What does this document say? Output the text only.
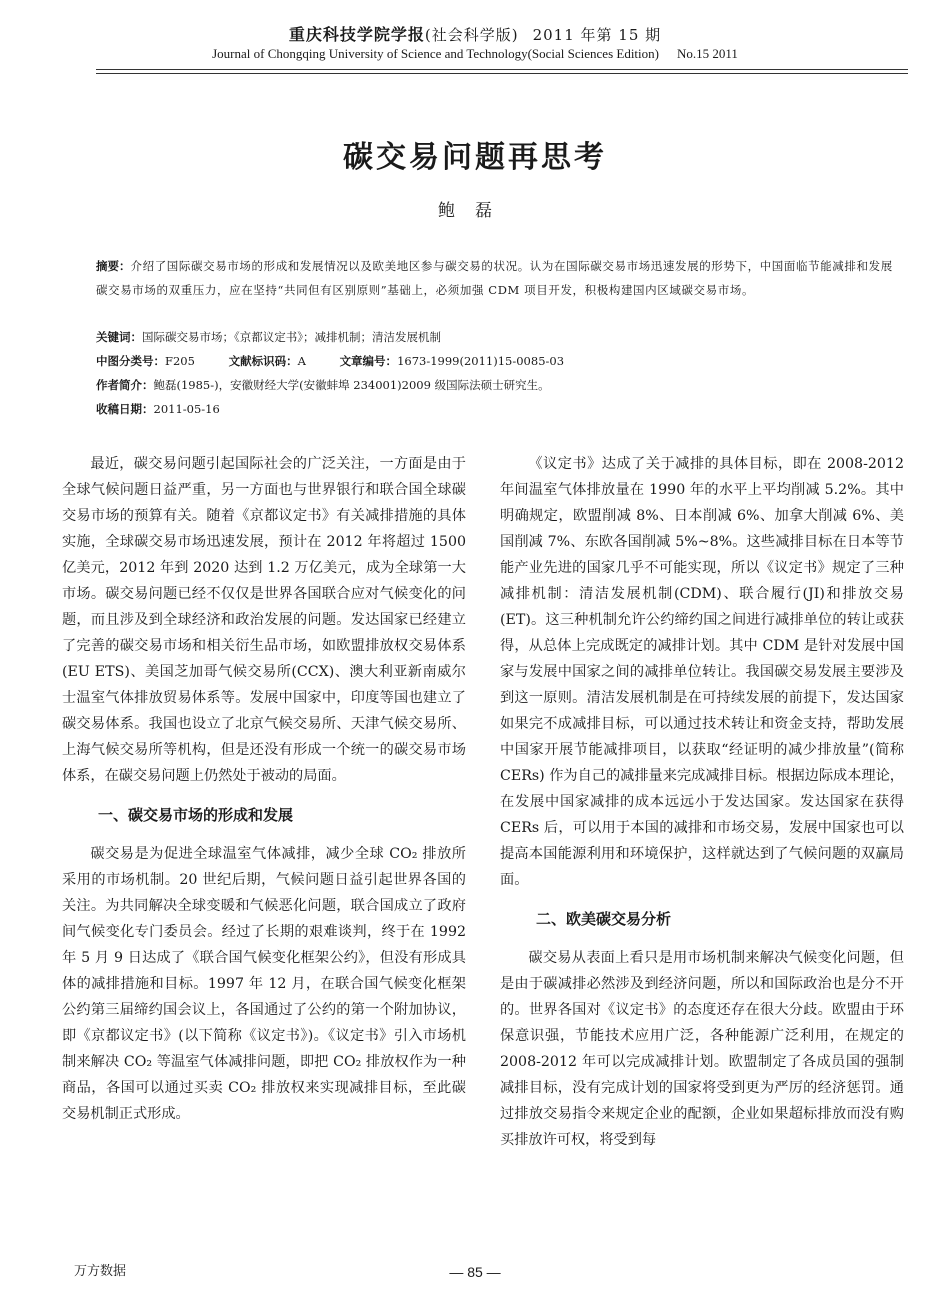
重庆科技学院学报(社会科学版) 2011 年第 15 期
Journal of Chongqing University of Science and Technology(Social Sciences Edition) No.15 2011
碳交易问题再思考
鲍磊
摘要：介绍了国际碳交易市场的形成和发展情况以及欧美地区参与碳交易的状况。认为在国际碳交易市场迅速发展的形势下，中国面临节能减排和发展碳交易市场的双重压力，应在坚持“共同但有区别原则”基础上，必须加强 CDM 项目开发，积极构建国内区域碳交易市场。
关键词：国际碳交易市场；《京都议定书》；减排机制；清洁发展机制
中图分类号：F205	文献标识码：A	文章编号：1673-1999(2011)15-0085-03
作者简介：鲍磊(1985-)，安徽财经大学(安徽蚌埠 234001)2009 级国际法硕士研究生。
收稿日期：2011-05-16

最近，碳交易问题引起国际社会的广泛关注，一方面是由于全球气候问题日益严重，另一方面也与世界银行和联合国全球碳交易市场的预算有关。随着《京都议定书》有关减排措施的具体实施，全球碳交易市场迅速发展，预计在 2012 年将超过 1500 亿美元，2012 年到 2020 达到 1.2 万亿美元，成为全球第一大市场。碳交易问题已经不仅仅是世界各国联合应对气候变化的问题，而且涉及到全球经济和政治发展的问题。发达国家已经建立了完善的碳交易市场和相关衍生品市场，如欧盟排放权交易体系(EU ETS)、美国芝加哥气候交易所(CCX)、澳大利亚新南威尔士温室气体排放贸易体系等。发展中国家中，印度等国也建立了碳交易体系。我国也设立了北京气候交易所、天津气候交易所、上海气候交易所等机构，但是还没有形成一个统一的碳交易市场体系，在碳交易问题上仍然处于被动的局面。

一、碳交易市场的形成和发展

碳交易是为促进全球温室气体减排，减少全球 CO₂ 排放所采用的市场机制。20 世纪后期，气候问题日益引起世界各国的关注。为共同解决全球变暖和气候恶化问题，联合国成立了政府间气候变化专门委员会。经过了长期的艰难谈判，终于在 1992 年 5 月 9 日达成了《联合国气候变化框架公约》，但没有形成具体的减排措施和目标。1997 年 12 月，在联合国气候变化框架公约第三届缔约国会议上，各国通过了公约的第一个附加协议，即《京都议定书》(以下简称《议定书》)。《议定书》引入市场机制来解决 CO₂ 等温室气体减排问题，即把 CO₂ 排放权作为一种商品，各国可以通过买卖 CO₂ 排放权来实现减排目标，至此碳交易机制正式形成。

《议定书》达成了关于减排的具体目标，即在 2008-2012 年间温室气体排放量在 1990 年的水平上平均削减 5.2%。其中明确规定，欧盟削减 8%、日本削减 6%、加拿大削减 6%、美国削减 7%、东欧各国削减 5%~8%。这些减排目标在日本等节能产业先进的国家几乎不可能实现，所以《议定书》规定了三种减排机制：清洁发展机制(CDM)、联合履行(JI)和排放交易(ET)。这三种机制允许公约缔约国之间进行减排单位的转让或获得，从总体上完成既定的减排计划。其中 CDM 是针对发展中国家与发展中国家之间的减排单位转让。我国碳交易发展主要涉及到这一原则。清洁发展机制是在可持续发展的前提下，发达国家如果完不成减排目标，可以通过技术转让和资金支持，帮助发展中国家开展节能减排项目，以获取“经证明的减少排放量”(简称 CERs) 作为自己的减排量来完成减排目标。根据边际成本理论，在发展中国家减排的成本远远小于发达国家。发达国家在获得 CERs 后，可以用于本国的减排和市场交易，发展中国家也可以提高本国能源利用和环境保护，这样就达到了气候问题的双赢局面。

二、欧美碳交易分析

碳交易从表面上看只是用市场机制来解决气候变化问题，但是由于碳减排必然涉及到经济问题，所以和国际政治也是分不开的。世界各国对《议定书》的态度还存在很大分歧。欧盟由于环保意识强，节能技术应用广泛，各种能源广泛利用，在规定的 2008-2012 年可以完成减排计划。欧盟制定了各成员国的强制减排目标，没有完成计划的国家将受到更为严厉的经济惩罚。通过排放交易指令来规定企业的配额，企业如果超标排放而没有购买排放许可权，将受到每

万方数据	— 85 —
